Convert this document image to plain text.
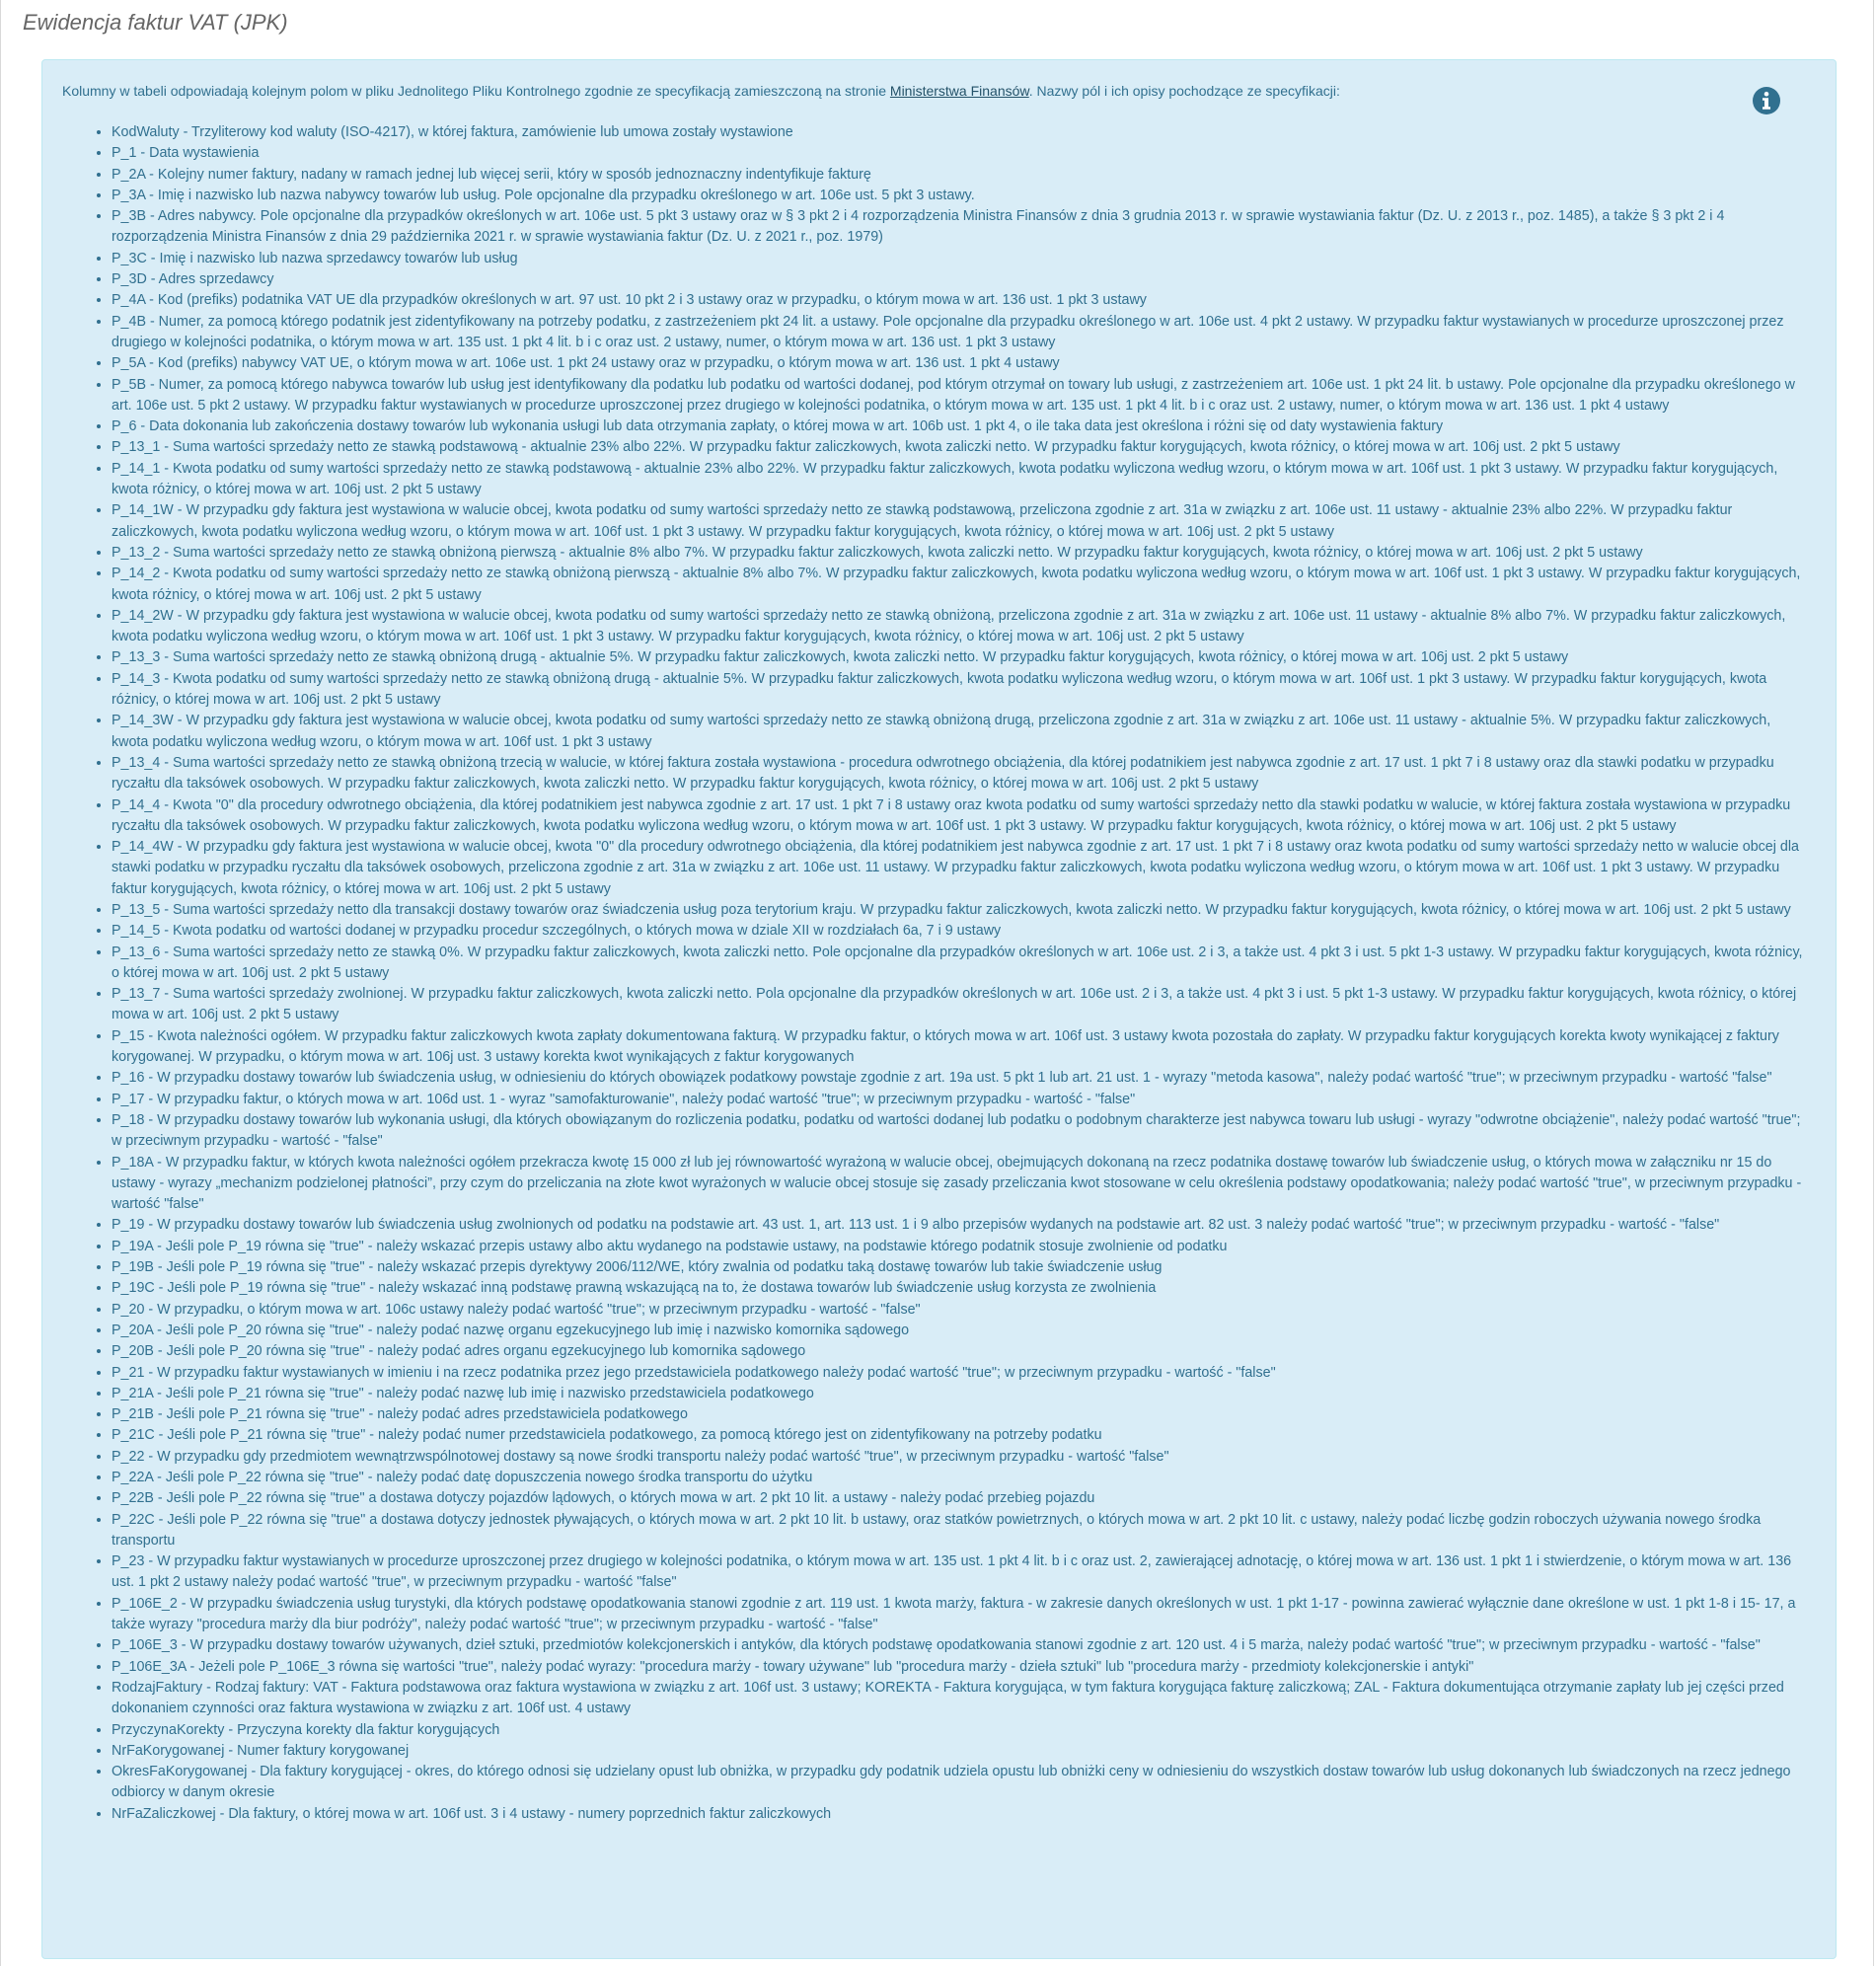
Ewidencja faktur VAT (JPK)

Kolumny w tabeli odpowiadają kolejnym polom w pliku Jednolitego Pliku Kontrolnego zgodnie ze specyfikacją zamieszczoną na stronie Ministerstwa Finansów. Nazwy pól i ich opisy pochodzące ze specyfikacji:

• KodWaluty - Trzyliterowy kod waluty (ISO-4217), w której faktura, zamówienie lub umowa zostały wystawione
• P_1 - Data wystawienia
• P_2A - Kolejny numer faktury, nadany w ramach jednej lub więcej serii, który w sposób jednoznaczny indentyfikuje fakturę
• P_3A - Imię i nazwisko lub nazwa nabywcy towarów lub usług. Pole opcjonalne dla przypadku określonego w art. 106e ust. 5 pkt 3 ustawy.
• P_3B - Adres nabywcy. Pole opcjonalne dla przypadków określonych w art. 106e ust. 5 pkt 3 ustawy oraz w § 3 pkt 2 i 4 rozporządzenia Ministra Finansów z dnia 3 grudnia 2013 r. w sprawie wystawiania faktur (Dz. U. z 2013 r., poz. 1485), a także § 3 pkt 2 i 4 rozporządzenia Ministra Finansów z dnia 29 października 2021 r. w sprawie wystawiania faktur (Dz. U. z 2021 r., poz. 1979)
• P_3C - Imię i nazwisko lub nazwa sprzedawcy towarów lub usług
• P_3D - Adres sprzedawcy
• P_4A - Kod (prefiks) podatnika VAT UE dla przypadków określonych w art. 97 ust. 10 pkt 2 i 3 ustawy oraz w przypadku, o którym mowa w art. 136 ust. 1 pkt 3 ustawy
• P_4B - Numer, za pomocą którego podatnik jest zidentyfikowany na potrzeby podatku, z zastrzeżeniem pkt 24 lit. a ustawy. Pole opcjonalne dla przypadku określonego w art. 106e ust. 4 pkt 2 ustawy. W przypadku faktur wystawianych w procedurze uproszczonej przez drugiego w kolejności podatnika, o którym mowa w art. 135 ust. 1 pkt 4 lit. b i c oraz ust. 2 ustawy, numer, o którym mowa w art. 136 ust. 1 pkt 3 ustawy
• P_5A - Kod (prefiks) nabywcy VAT UE, o którym mowa w art. 106e ust. 1 pkt 24 ustawy oraz w przypadku, o którym mowa w art. 136 ust. 1 pkt 4 ustawy
• P_5B - Numer, za pomocą którego nabywca towarów lub usług jest identyfikowany dla podatku lub podatku od wartości dodanej, pod którym otrzymał on towary lub usługi, z zastrzeżeniem art. 106e ust. 1 pkt 24 lit. b ustawy. Pole opcjonalne dla przypadku określonego w art. 106e ust. 5 pkt 2 ustawy. W przypadku faktur wystawianych w procedurze uproszczonej przez drugiego w kolejności podatnika, o którym mowa w art. 135 ust. 1 pkt 4 lit. b i c oraz ust. 2 ustawy, numer, o którym mowa w art. 136 ust. 1 pkt 4 ustawy
• P_6 - Data dokonania lub zakończenia dostawy towarów lub wykonania usługi lub data otrzymania zapłaty, o której mowa w art. 106b ust. 1 pkt 4, o ile taka data jest określona i różni się od daty wystawienia faktury
• P_13_1 - Suma wartości sprzedaży netto ze stawką podstawową - aktualnie 23% albo 22%. W przypadku faktur zaliczkowych, kwota zaliczki netto. W przypadku faktur korygujących, kwota różnicy, o której mowa w art. 106j ust. 2 pkt 5 ustawy
• P_14_1 - Kwota podatku od sumy wartości sprzedaży netto ze stawką podstawową - aktualnie 23% albo 22%. W przypadku faktur zaliczkowych, kwota podatku wyliczona według wzoru, o którym mowa w art. 106f ust. 1 pkt 3 ustawy. W przypadku faktur korygujących, kwota różnicy, o której mowa w art. 106j ust. 2 pkt 5 ustawy
• P_14_1W - W przypadku gdy faktura jest wystawiona w walucie obcej, kwota podatku od sumy wartości sprzedaży netto ze stawką podstawową, przeliczona zgodnie z art. 31a w związku z art. 106e ust. 11 ustawy - aktualnie 23% albo 22%. W przypadku faktur zaliczkowych, kwota podatku wyliczona według wzoru, o którym mowa w art. 106f ust. 1 pkt 3 ustawy. W przypadku faktur korygujących, kwota różnicy, o której mowa w art. 106j ust. 2 pkt 5 ustawy
• P_13_2 - Suma wartości sprzedaży netto ze stawką obniżoną pierwszą - aktualnie 8% albo 7%. W przypadku faktur zaliczkowych, kwota zaliczki netto. W przypadku faktur korygujących, kwota różnicy, o której mowa w art. 106j ust. 2 pkt 5 ustawy
• P_14_2 - Kwota podatku od sumy wartości sprzedaży netto ze stawką obniżoną pierwszą - aktualnie 8% albo 7%. W przypadku faktur zaliczkowych, kwota podatku wyliczona według wzoru, o którym mowa w art. 106f ust. 1 pkt 3 ustawy. W przypadku faktur korygujących, kwota różnicy, o której mowa w art. 106j ust. 2 pkt 5 ustawy
• P_14_2W - W przypadku gdy faktura jest wystawiona w walucie obcej, kwota podatku od sumy wartości sprzedaży netto ze stawką obniżoną, przeliczona zgodnie z art. 31a w związku z art. 106e ust. 11 ustawy - aktualnie 8% albo 7%. W przypadku faktur zaliczkowych, kwota podatku wyliczona według wzoru, o którym mowa w art. 106f ust. 1 pkt 3 ustawy. W przypadku faktur korygujących, kwota różnicy, o której mowa w art. 106j ust. 2 pkt 5 ustawy
• P_13_3 - Suma wartości sprzedaży netto ze stawką obniżoną drugą - aktualnie 5%. W przypadku faktur zaliczkowych, kwota zaliczki netto. W przypadku faktur korygujących, kwota różnicy, o której mowa w art. 106j ust. 2 pkt 5 ustawy
• P_14_3 - Kwota podatku od sumy wartości sprzedaży netto ze stawką obniżoną drugą - aktualnie 5%. W przypadku faktur zaliczkowych, kwota podatku wyliczona według wzoru, o którym mowa w art. 106f ust. 1 pkt 3 ustawy. W przypadku faktur korygujących, kwota różnicy, o której mowa w art. 106j ust. 2 pkt 5 ustawy
• P_14_3W - W przypadku gdy faktura jest wystawiona w walucie obcej, kwota podatku od sumy wartości sprzedaży netto ze stawką obniżoną drugą, przeliczona zgodnie z art. 31a w związku z art. 106e ust. 11 ustawy - aktualnie 5%. W przypadku faktur zaliczkowych, kwota podatku wyliczona według wzoru, o którym mowa w art. 106f ust. 1 pkt 3 ustawy
• P_13_4 - Suma wartości sprzedaży netto ze stawką obniżoną trzecią w walucie, w której faktura została wystawiona - procedura odwrotnego obciążenia, dla której podatnikiem jest nabywca zgodnie z art. 17 ust. 1 pkt 7 i 8 ustawy oraz dla stawki podatku w przypadku ryczałtu dla taksówek osobowych. W przypadku faktur zaliczkowych, kwota zaliczki netto. W przypadku faktur korygujących, kwota różnicy, o której mowa w art. 106j ust. 2 pkt 5 ustawy
• P_14_4 - Kwota "0" dla procedury odwrotnego obciążenia, dla której podatnikiem jest nabywca zgodnie z art. 17 ust. 1 pkt 7 i 8 ustawy oraz kwota podatku od sumy wartości sprzedaży netto dla stawki podatku w walucie, w której faktura została wystawiona w przypadku ryczałtu dla taksówek osobowych. W przypadku faktur zaliczkowych, kwota podatku wyliczona według wzoru, o którym mowa w art. 106f ust. 1 pkt 3 ustawy. W przypadku faktur korygujących, kwota różnicy, o której mowa w art. 106j ust. 2 pkt 5 ustawy
• P_14_4W - W przypadku gdy faktura jest wystawiona w walucie obcej, kwota "0" dla procedury odwrotnego obciążenia, dla której podatnikiem jest nabywca zgodnie z art. 17 ust. 1 pkt 7 i 8 ustawy oraz kwota podatku od sumy wartości sprzedaży netto w walucie obcej dla stawki podatku w przypadku ryczałtu dla taksówek osobowych, przeliczona zgodnie z art. 31a w związku z art. 106e ust. 11 ustawy. W przypadku faktur zaliczkowych, kwota podatku wyliczona według wzoru, o którym mowa w art. 106f ust. 1 pkt 3 ustawy. W przypadku faktur korygujących, kwota różnicy, o której mowa w art. 106j ust. 2 pkt 5 ustawy
• P_13_5 - Suma wartości sprzedaży netto dla transakcji dostawy towarów oraz świadczenia usług poza terytorium kraju. W przypadku faktur zaliczkowych, kwota zaliczki netto. W przypadku faktur korygujących, kwota różnicy, o której mowa w art. 106j ust. 2 pkt 5 ustawy
• P_14_5 - Kwota podatku od wartości dodanej w przypadku procedur szczególnych, o których mowa w dziale XII w rozdziałach 6a, 7 i 9 ustawy
• P_13_6 - Suma wartości sprzedaży netto ze stawką 0%. W przypadku faktur zaliczkowych, kwota zaliczki netto. Pole opcjonalne dla przypadków określonych w art. 106e ust. 2 i 3, a także ust. 4 pkt 3 i ust. 5 pkt 1-3 ustawy. W przypadku faktur korygujących, kwota różnicy, o której mowa w art. 106j ust. 2 pkt 5 ustawy
• P_13_7 - Suma wartości sprzedaży zwolnionej. W przypadku faktur zaliczkowych, kwota zaliczki netto. Pola opcjonalne dla przypadków określonych w art. 106e ust. 2 i 3, a także ust. 4 pkt 3 i ust. 5 pkt 1-3 ustawy. W przypadku faktur korygujących, kwota różnicy, o której mowa w art. 106j ust. 2 pkt 5 ustawy
• P_15 - Kwota należności ogółem. W przypadku faktur zaliczkowych kwota zapłaty dokumentowana fakturą. W przypadku faktur, o których mowa w art. 106f ust. 3 ustawy kwota pozostała do zapłaty. W przypadku faktur korygujących korekta kwoty wynikającej z faktury korygowanej. W przypadku, o którym mowa w art. 106j ust. 3 ustawy korekta kwot wynikających z faktur korygowanych
• P_16 - W przypadku dostawy towarów lub świadczenia usług, w odniesieniu do których obowiązek podatkowy powstaje zgodnie z art. 19a ust. 5 pkt 1 lub art. 21 ust. 1 - wyrazy "metoda kasowa", należy podać wartość "true"; w przeciwnym przypadku - wartość "false"
• P_17 - W przypadku faktur, o których mowa w art. 106d ust. 1 - wyraz "samofakturowanie", należy podać wartość "true"; w przeciwnym przypadku - wartość - "false"
• P_18 - W przypadku dostawy towarów lub wykonania usługi, dla których obowiązanym do rozliczenia podatku, podatku od wartości dodanej lub podatku o podobnym charakterze jest nabywca towaru lub usługi - wyrazy "odwrotne obciążenie", należy podać wartość "true"; w przeciwnym przypadku - wartość - "false"
• P_18A - W przypadku faktur, w których kwota należności ogółem przekracza kwotę 15 000 zł lub jej równowartość wyrażoną w walucie obcej, obejmujących dokonaną na rzecz podatnika dostawę towarów lub świadczenie usług, o których mowa w załączniku nr 15 do ustawy - wyrazy „mechanizm podzielonej płatności”, przy czym do przeliczania na złote kwot wyrażonych w walucie obcej stosuje się zasady przeliczania kwot stosowane w celu określenia podstawy opodatkowania; należy podać wartość "true", w przeciwnym przypadku - wartość "false"
• P_19 - W przypadku dostawy towarów lub świadczenia usług zwolnionych od podatku na podstawie art. 43 ust. 1, art. 113 ust. 1 i 9 albo przepisów wydanych na podstawie art. 82 ust. 3 należy podać wartość "true"; w przeciwnym przypadku - wartość - "false"
• P_19A - Jeśli pole P_19 równa się "true" - należy wskazać przepis ustawy albo aktu wydanego na podstawie ustawy, na podstawie którego podatnik stosuje zwolnienie od podatku
• P_19B - Jeśli pole P_19 równa się "true" - należy wskazać przepis dyrektywy 2006/112/WE, który zwalnia od podatku taką dostawę towarów lub takie świadczenie usług
• P_19C - Jeśli pole P_19 równa się "true" - należy wskazać inną podstawę prawną wskazującą na to, że dostawa towarów lub świadczenie usług korzysta ze zwolnienia
• P_20 - W przypadku, o którym mowa w art. 106c ustawy należy podać wartość "true"; w przeciwnym przypadku - wartość - "false"
• P_20A - Jeśli pole P_20 równa się "true" - należy podać nazwę organu egzekucyjnego lub imię i nazwisko komornika sądowego
• P_20B - Jeśli pole P_20 równa się "true" - należy podać adres organu egzekucyjnego lub komornika sądowego
• P_21 - W przypadku faktur wystawianych w imieniu i na rzecz podatnika przez jego przedstawiciela podatkowego należy podać wartość "true"; w przeciwnym przypadku - wartość - "false"
• P_21A - Jeśli pole P_21 równa się "true" - należy podać nazwę lub imię i nazwisko przedstawiciela podatkowego
• P_21B - Jeśli pole P_21 równa się "true" - należy podać adres przedstawiciela podatkowego
• P_21C - Jeśli pole P_21 równa się "true" - należy podać numer przedstawiciela podatkowego, za pomocą którego jest on zidentyfikowany na potrzeby podatku
• P_22 - W przypadku gdy przedmiotem wewnątrzwspólnotowej dostawy są nowe środki transportu należy podać wartość "true", w przeciwnym przypadku - wartość "false"
• P_22A - Jeśli pole P_22 równa się "true" - należy podać datę dopuszczenia nowego środka transportu do użytku
• P_22B - Jeśli pole P_22 równa się "true" a dostawa dotyczy pojazdów lądowych, o których mowa w art. 2 pkt 10 lit. a ustawy - należy podać przebieg pojazdu
• P_22C - Jeśli pole P_22 równa się "true" a dostawa dotyczy jednostek pływających, o których mowa w art. 2 pkt 10 lit. b ustawy, oraz statków powietrznych, o których mowa w art. 2 pkt 10 lit. c ustawy, należy podać liczbę godzin roboczych używania nowego środka transportu
• P_23 - W przypadku faktur wystawianych w procedurze uproszczonej przez drugiego w kolejności podatnika, o którym mowa w art. 135 ust. 1 pkt 4 lit. b i c oraz ust. 2, zawierającej adnotację, o której mowa w art. 136 ust. 1 pkt 1 i stwierdzenie, o którym mowa w art. 136 ust. 1 pkt 2 ustawy należy podać wartość "true", w przeciwnym przypadku - wartość "false"
• P_106E_2 - W przypadku świadczenia usług turystyki, dla których podstawę opodatkowania stanowi zgodnie z art. 119 ust. 1 kwota marży, faktura - w zakresie danych określonych w ust. 1 pkt 1-17 - powinna zawierać wyłącznie dane określone w ust. 1 pkt 1-8 i 15- 17, a także wyrazy "procedura marży dla biur podróży", należy podać wartość "true"; w przeciwnym przypadku - wartość - "false"
• P_106E_3 - W przypadku dostawy towarów używanych, dzieł sztuki, przedmiotów kolekcjonerskich i antyków, dla których podstawę opodatkowania stanowi zgodnie z art. 120 ust. 4 i 5 marża, należy podać wartość "true"; w przeciwnym przypadku - wartość - "false"
• P_106E_3A - Jeżeli pole P_106E_3 równa się wartości "true", należy podać wyrazy: "procedura marży - towary używane" lub "procedura marży - dzieła sztuki" lub "procedura marży - przedmioty kolekcjonerskie i antyki"
• RodzajFaktury - Rodzaj faktury: VAT - Faktura podstawowa oraz faktura wystawiona w związku z art. 106f ust. 3 ustawy; KOREKTA - Faktura korygująca, w tym faktura korygująca fakturę zaliczkową; ZAL - Faktura dokumentująca otrzymanie zapłaty lub jej części przed dokonaniem czynności oraz faktura wystawiona w związku z art. 106f ust. 4 ustawy
• PrzyczynaKorekty - Przyczyna korekty dla faktur korygujących
• NrFaKorygowanej - Numer faktury korygowanej
• OkresFaKorygowanej - Dla faktury korygującej - okres, do którego odnosi się udzielany opust lub obniżka, w przypadku gdy podatnik udziela opustu lub obniżki ceny w odniesieniu do wszystkich dostaw towarów lub usług dokonanych lub świadczonych na rzecz jednego odbiorcy w danym okresie
• NrFaZaliczkowej - Dla faktury, o której mowa w art. 106f ust. 3 i 4 ustawy - numery poprzednich faktur zaliczkowych
